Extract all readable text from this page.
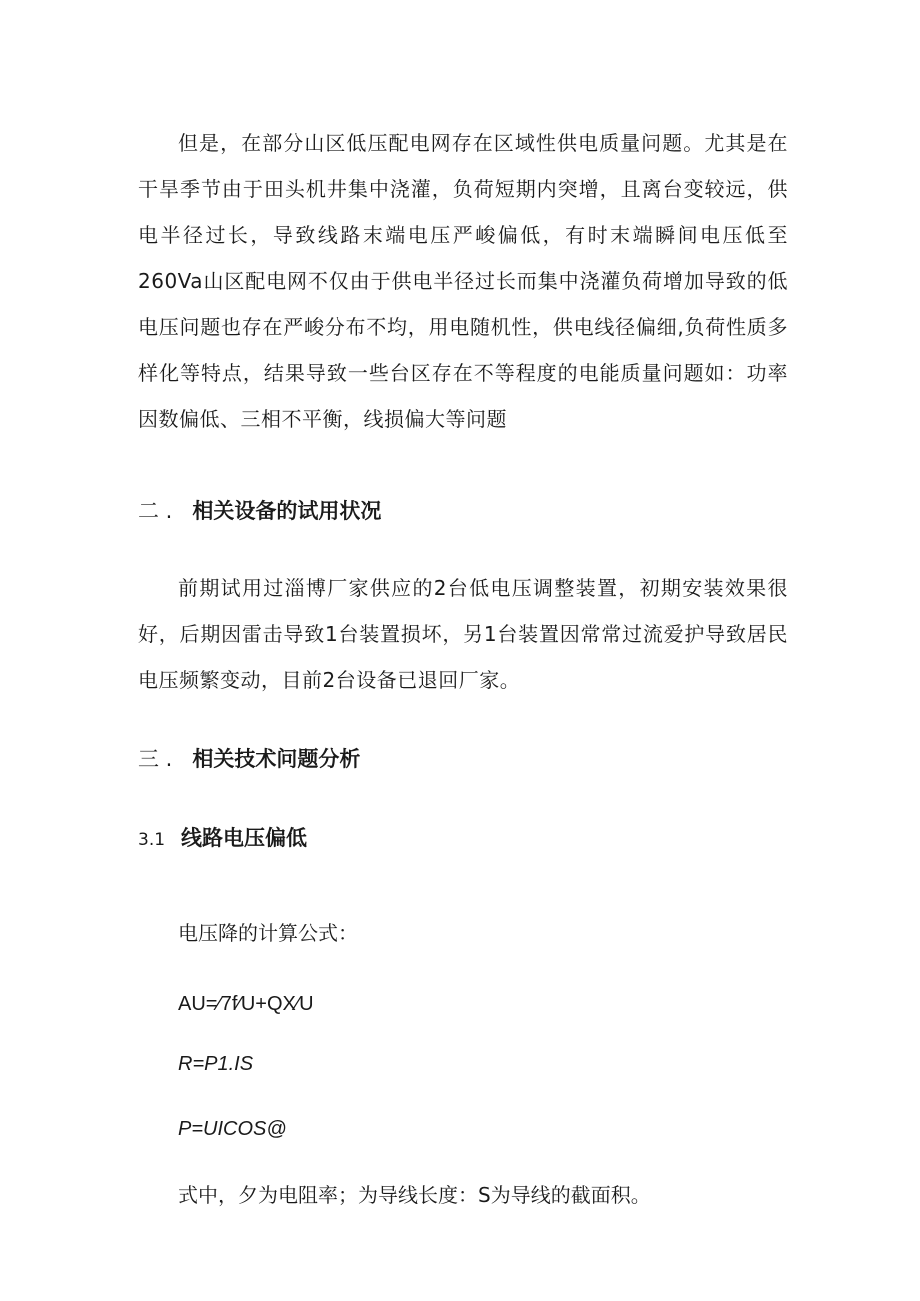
但是，在部分山区低压配电网存在区域性供电质量问题。尤其是在干旱季节由于田头机井集中浇灌，负荷短期内突增，且离台变较远，供电半径过长，导致线路末端电压严峻偏低，有时末端瞬间电压低至260Va山区配电网不仅由于供电半径过长而集中浇灌负荷增加导致的低电压问题也存在严峻分布不均，用电随机性，供电线径偏细,负荷性质多样化等特点，结果导致一些台区存在不等程度的电能质量问题如：功率因数偏低、三相不平衡，线损偏大等问题

二 . 相关设备的试用状况

前期试用过淄博厂家供应的2台低电压调整装置，初期安装效果很好，后期因雷击导致1台装置损坏，另1台装置因常常过流爱护导致居民电压频繁变动，目前2台设备已退回厂家。

三 . 相关技术问题分析
3.1 线路电压偏低

电压降的计算公式：

AU=∕7f∕U+QX∕U

R=P1.IS

P=UICOS@

式中，夕为电阻率；为导线长度：S为导线的截面积。
